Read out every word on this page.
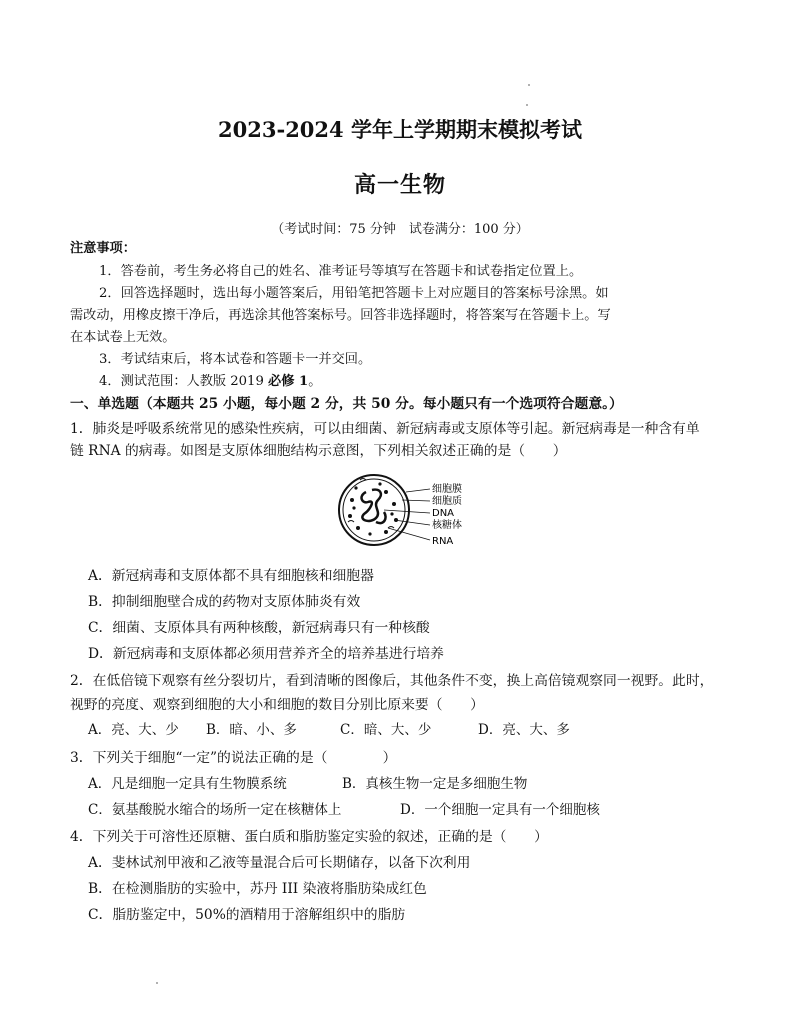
2023-2024 学年上学期期末模拟考试
高一生物
（考试时间：75 分钟　试卷满分：100 分）
注意事项：
1．答卷前，考生务必将自己的姓名、准考证号等填写在答题卡和试卷指定位置上。
2．回答选择题时，选出每小题答案后，用铅笔把答题卡上对应题目的答案标号涂黑。如
需改动，用橡皮擦干净后，再选涂其他答案标号。回答非选择题时，将答案写在答题卡上。写
在本试卷上无效。
3．考试结束后，将本试卷和答题卡一并交回。
4．测试范围：人教版 2019 必修 1。
一、单选题（本题共 25 小题，每小题 2 分，共 50 分。每小题只有一个选项符合题意。）
1．肺炎是呼吸系统常见的感染性疾病，可以由细菌、新冠病毒或支原体等引起。新冠病毒是一种含有单
链 RNA 的病毒。如图是支原体细胞结构示意图，下列相关叙述正确的是（　　）
细胞膜
细胞质
DNA
核糖体
RNA
A．新冠病毒和支原体都不具有细胞核和细胞器
B．抑制细胞壁合成的药物对支原体肺炎有效
C．细菌、支原体具有两种核酸，新冠病毒只有一种核酸
D．新冠病毒和支原体都必须用营养齐全的培养基进行培养
2．在低倍镜下观察有丝分裂切片，看到清晰的图像后，其他条件不变，换上高倍镜观察同一视野。此时，
视野的亮度、观察到细胞的大小和细胞的数目分别比原来要（　　）
A．亮、大、少 B．暗、小、多	C．暗、大、少	D．亮、大、多
3．下列关于细胞“一定”的说法正确的是（　　　　）
A．凡是细胞一定具有生物膜系统	B．真核生物一定是多细胞生物
C．氨基酸脱水缩合的场所一定在核糖体上	D．一个细胞一定具有一个细胞核
4．下列关于可溶性还原糖、蛋白质和脂肪鉴定实验的叙述，正确的是（　　）
A．斐林试剂甲液和乙液等量混合后可长期储存，以备下次利用
B．在检测脂肪的实验中，苏丹 III 染液将脂肪染成红色
C．脂肪鉴定中，50%的酒精用于溶解组织中的脂肪
